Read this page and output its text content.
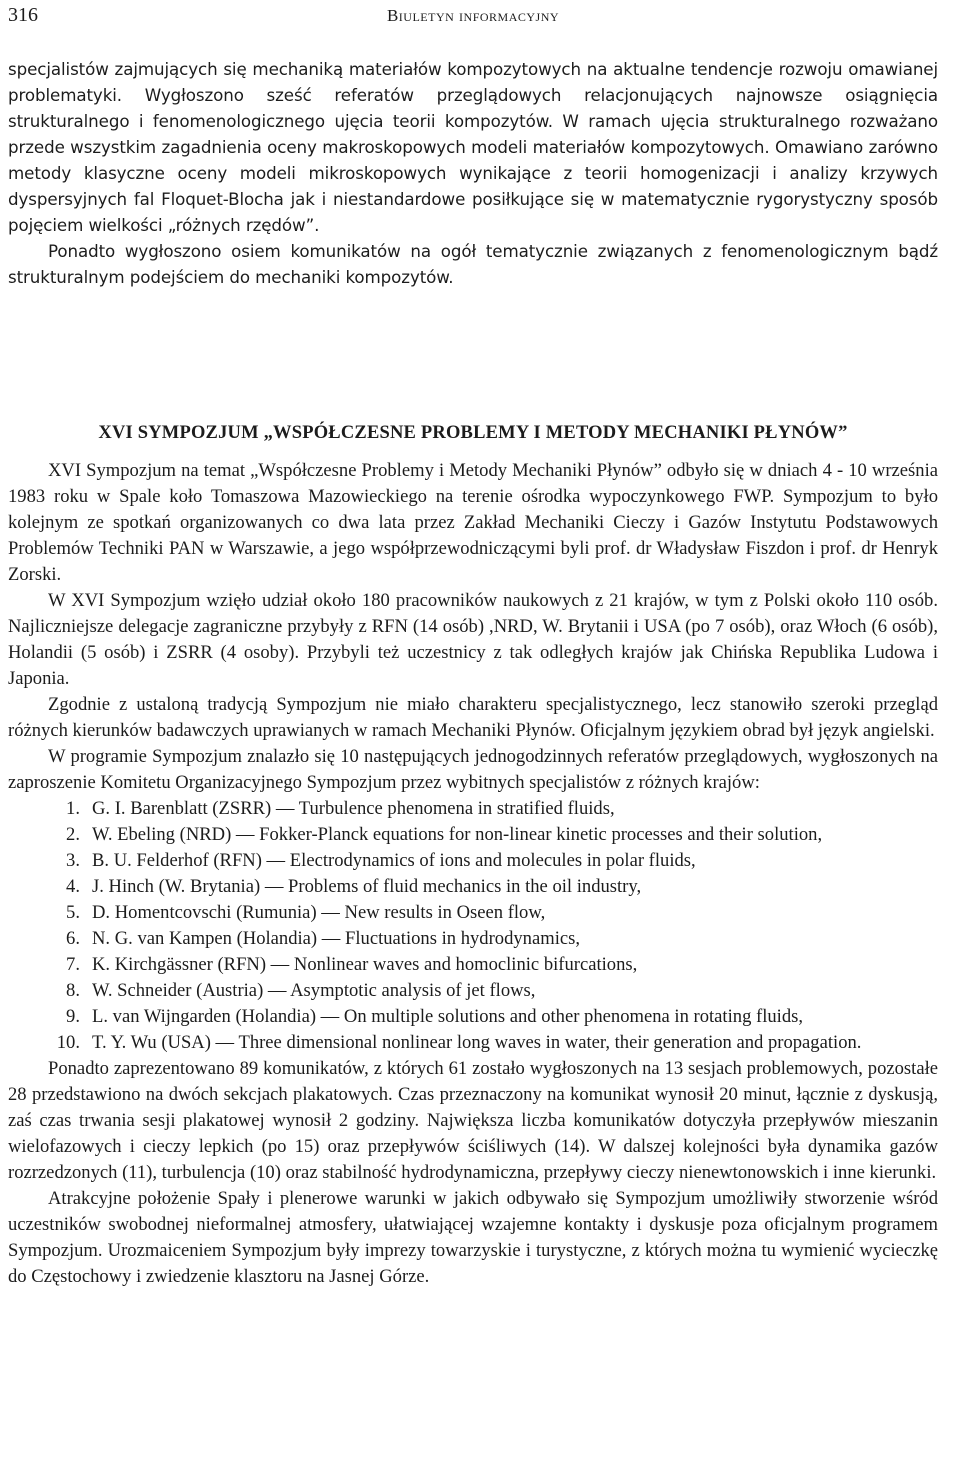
316	Biuletyn informacyjny

specjalistów zajmujących się mechaniką materiałów kompozytowych na aktualne tendencje rozwoju omawianej problematyki. Wygłoszono sześć referatów przeglądowych relacjonujących najnowsze osiągnięcia strukturalnego i fenomenologicznego ujęcia teorii kompozytów. W ramach ujęcia strukturalnego rozważano przede wszystkim zagadnienia oceny makroskopowych modeli materiałów kompozytowych. Omawiano zarówno metody klasyczne oceny modeli mikroskopowych wynikające z teorii homogenizacji i analizy krzywych dyspersyjnych fal Floquet-Blocha jak i niestandardowe posiłkujące się w matematycznie rygorystyczny sposób pojęciem wielkości „różnych rzędów”.

Ponadto wygłoszono osiem komunikatów na ogół tematycznie związanych z fenomenologicznym bądź strukturalnym podejściem do mechaniki kompozytów.

XVI SYMPOZJUM „WSPÓŁCZESNE PROBLEMY I METODY MECHANIKI PŁYNÓW”

XVI Sympozjum na temat „Współczesne Problemy i Metody Mechaniki Płynów” odbyło się w dniach 4 - 10 września 1983 roku w Spale koło Tomaszowa Mazowieckiego na terenie ośrodka wypoczynkowego FWP. Sympozjum to było kolejnym ze spotkań organizowanych co dwa lata przez Zakład Mechaniki Cieczy i Gazów Instytutu Podstawowych Problemów Techniki PAN w Warszawie, a jego współprzewodniczącymi byli prof. dr Władysław Fiszdon i prof. dr Henryk Zorski.

W XVI Sympozjum wzięło udział około 180 pracowników naukowych z 21 krajów, w tym z Polski około 110 osób. Najliczniejsze delegacje zagraniczne przybyły z RFN (14 osób) ,NRD, W. Brytanii i USA (po 7 osób), oraz Włoch (6 osób), Holandii (5 osób) i ZSRR (4 osoby). Przybyli też uczestnicy z tak odległych krajów jak Chińska Republika Ludowa i Japonia.

Zgodnie z ustaloną tradycją Sympozjum nie miało charakteru specjalistycznego, lecz stanowiło szeroki przegląd różnych kierunków badawczych uprawianych w ramach Mechaniki Płynów. Oficjalnym językiem obrad był język angielski.

W programie Sympozjum znalazło się 10 następujących jednogodzinnych referatów przeglądowych, wygłoszonych na zaproszenie Komitetu Organizacyjnego Sympozjum przez wybitnych specjalistów z różnych krajów:

1. G. I. Barenblatt (ZSRR) — Turbulence phenomena in stratified fluids,
2. W. Ebeling (NRD) — Fokker-Planck equations for non-linear kinetic processes and their solution,
3. B. U. Felderhof (RFN) — Electrodynamics of ions and molecules in polar fluids,
4. J. Hinch (W. Brytania) — Problems of fluid mechanics in the oil industry,
5. D. Homentcovschi (Rumunia) — New results in Oseen flow,
6. N. G. van Kampen (Holandia) — Fluctuations in hydrodynamics,
7. K. Kirchgässner (RFN) — Nonlinear waves and homoclinic bifurcations,
8. W. Schneider (Austria) — Asymptotic analysis of jet flows,
9. L. van Wijngarden (Holandia) — On multiple solutions and other phenomena in rotating fluids,
10. T. Y. Wu (USA) — Three dimensional nonlinear long waves in water, their generation and propagation.

Ponadto zaprezentowano 89 komunikatów, z których 61 zostało wygłoszonych na 13 sesjach problemowych, pozostałe 28 przedstawiono na dwóch sekcjach plakatowych. Czas przeznaczony na komunikat wynosił 20 minut, łącznie z dyskusją, zaś czas trwania sesji plakatowej wynosił 2 godziny. Największa liczba komunikatów dotyczyła przepływów mieszanin wielofazowych i cieczy lepkich (po 15) oraz przepływów ściśliwych (14). W dalszej kolejności była dynamika gazów rozrzedzonych (11), turbulencja (10) oraz stabilność hydrodynamiczna, przepływy cieczy nienewtonowskich i inne kierunki.

Atrakcyjne położenie Spały i plenerowe warunki w jakich odbywało się Sympozjum umożliwiły stworzenie wśród uczestników swobodnej nieformalnej atmosfery, ułatwiającej wzajemne kontakty i dyskusje poza oficjalnym programem Sympozjum. Urozmaiceniem Sympozjum były imprezy towarzyskie i turystyczne, z których można tu wymienić wycieczkę do Częstochowy i zwiedzenie klasztoru na Jasnej Górze.
